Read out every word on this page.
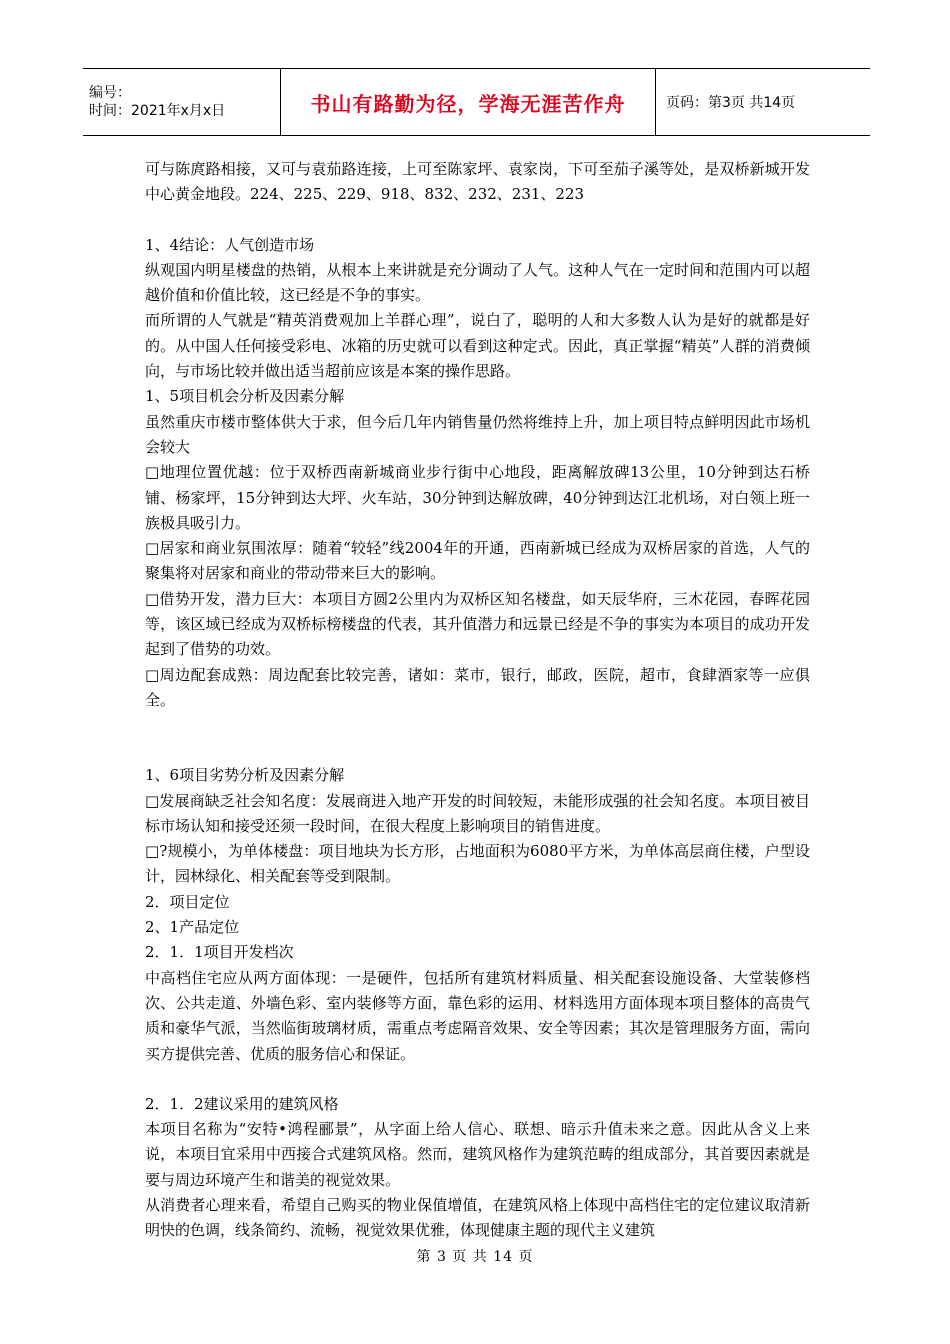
编号：
时间：2021年x月x日	书山有路勤为径，学海无涯苦作舟	页码：第3页 共14页

可与陈庹路相接，又可与袁茄路连接，上可至陈家坪、袁家岗，下可至茄子溪等处，是双桥新城开发中心黄金地段。224、225、229、918、832、232、231、223

1、4结论：人气创造市场

纵观国内明星楼盘的热销，从根本上来讲就是充分调动了人气。这种人气在一定时间和范围内可以超越价值和价值比较，这已经是不争的事实。

而所谓的人气就是“精英消费观加上羊群心理”，说白了，聪明的人和大多数人认为是好的就都是好的。从中国人任何接受彩电、冰箱的历史就可以看到这种定式。因此，真正掌握“精英”人群的消费倾向，与市场比较并做出适当超前应该是本案的操作思路。

1、5项目机会分析及因素分解

虽然重庆市楼市整体供大于求，但今后几年内销售量仍然将维持上升，加上项目特点鲜明因此市场机会较大

□地理位置优越：位于双桥西南新城商业步行街中心地段，距离解放碑13公里，10分钟到达石桥铺、杨家坪，15分钟到达大坪、火车站，30分钟到达解放碑，40分钟到达江北机场，对白领上班一族极具吸引力。

□居家和商业氛围浓厚：随着“较轻”线2004年的开通，西南新城已经成为双桥居家的首选，人气的聚集将对居家和商业的带动带来巨大的影响。

□借势开发，潜力巨大：本项目方圆2公里内为双桥区知名楼盘，如天辰华府，三木花园，春晖花园等，该区域已经成为双桥标榜楼盘的代表，其升值潜力和远景已经是不争的事实为本项目的成功开发起到了借势的功效。

□周边配套成熟：周边配套比较完善，诸如：菜市，银行，邮政，医院，超市，食肆酒家等一应俱全。

1、6项目劣势分析及因素分解

□发展商缺乏社会知名度：发展商进入地产开发的时间较短，未能形成强的社会知名度。本项目被目标市场认知和接受还须一段时间，在很大程度上影响项目的销售进度。

□?规模小，为单体楼盘：项目地块为长方形，占地面积为6080平方米，为单体高层商住楼，户型设计，园林绿化、相关配套等受到限制。

2．项目定位

2、1产品定位

2．1．1项目开发档次

中高档住宅应从两方面体现：一是硬件，包括所有建筑材料质量、相关配套设施设备、大堂装修档次、公共走道、外墙色彩、室内装修等方面，靠色彩的运用、材料选用方面体现本项目整体的高贵气质和豪华气派，当然临街玻璃材质，需重点考虑隔音效果、安全等因素；其次是管理服务方面，需向买方提供完善、优质的服务信心和保证。

2．1．2建议采用的建筑风格

本项目名称为“安特•鸿程郦景”，从字面上给人信心、联想、暗示升值未来之意。因此从含义上来说，本项目宜采用中西接合式建筑风格。然而，建筑风格作为建筑范畴的组成部分，其首要因素就是要与周边环境产生和谐美的视觉效果。

从消费者心理来看，希望自己购买的物业保值增值，在建筑风格上体现中高档住宅的定位建议取清新明快的色调，线条简约、流畅，视觉效果优雅，体现健康主题的现代主义建筑

第 3 页 共 14 页
